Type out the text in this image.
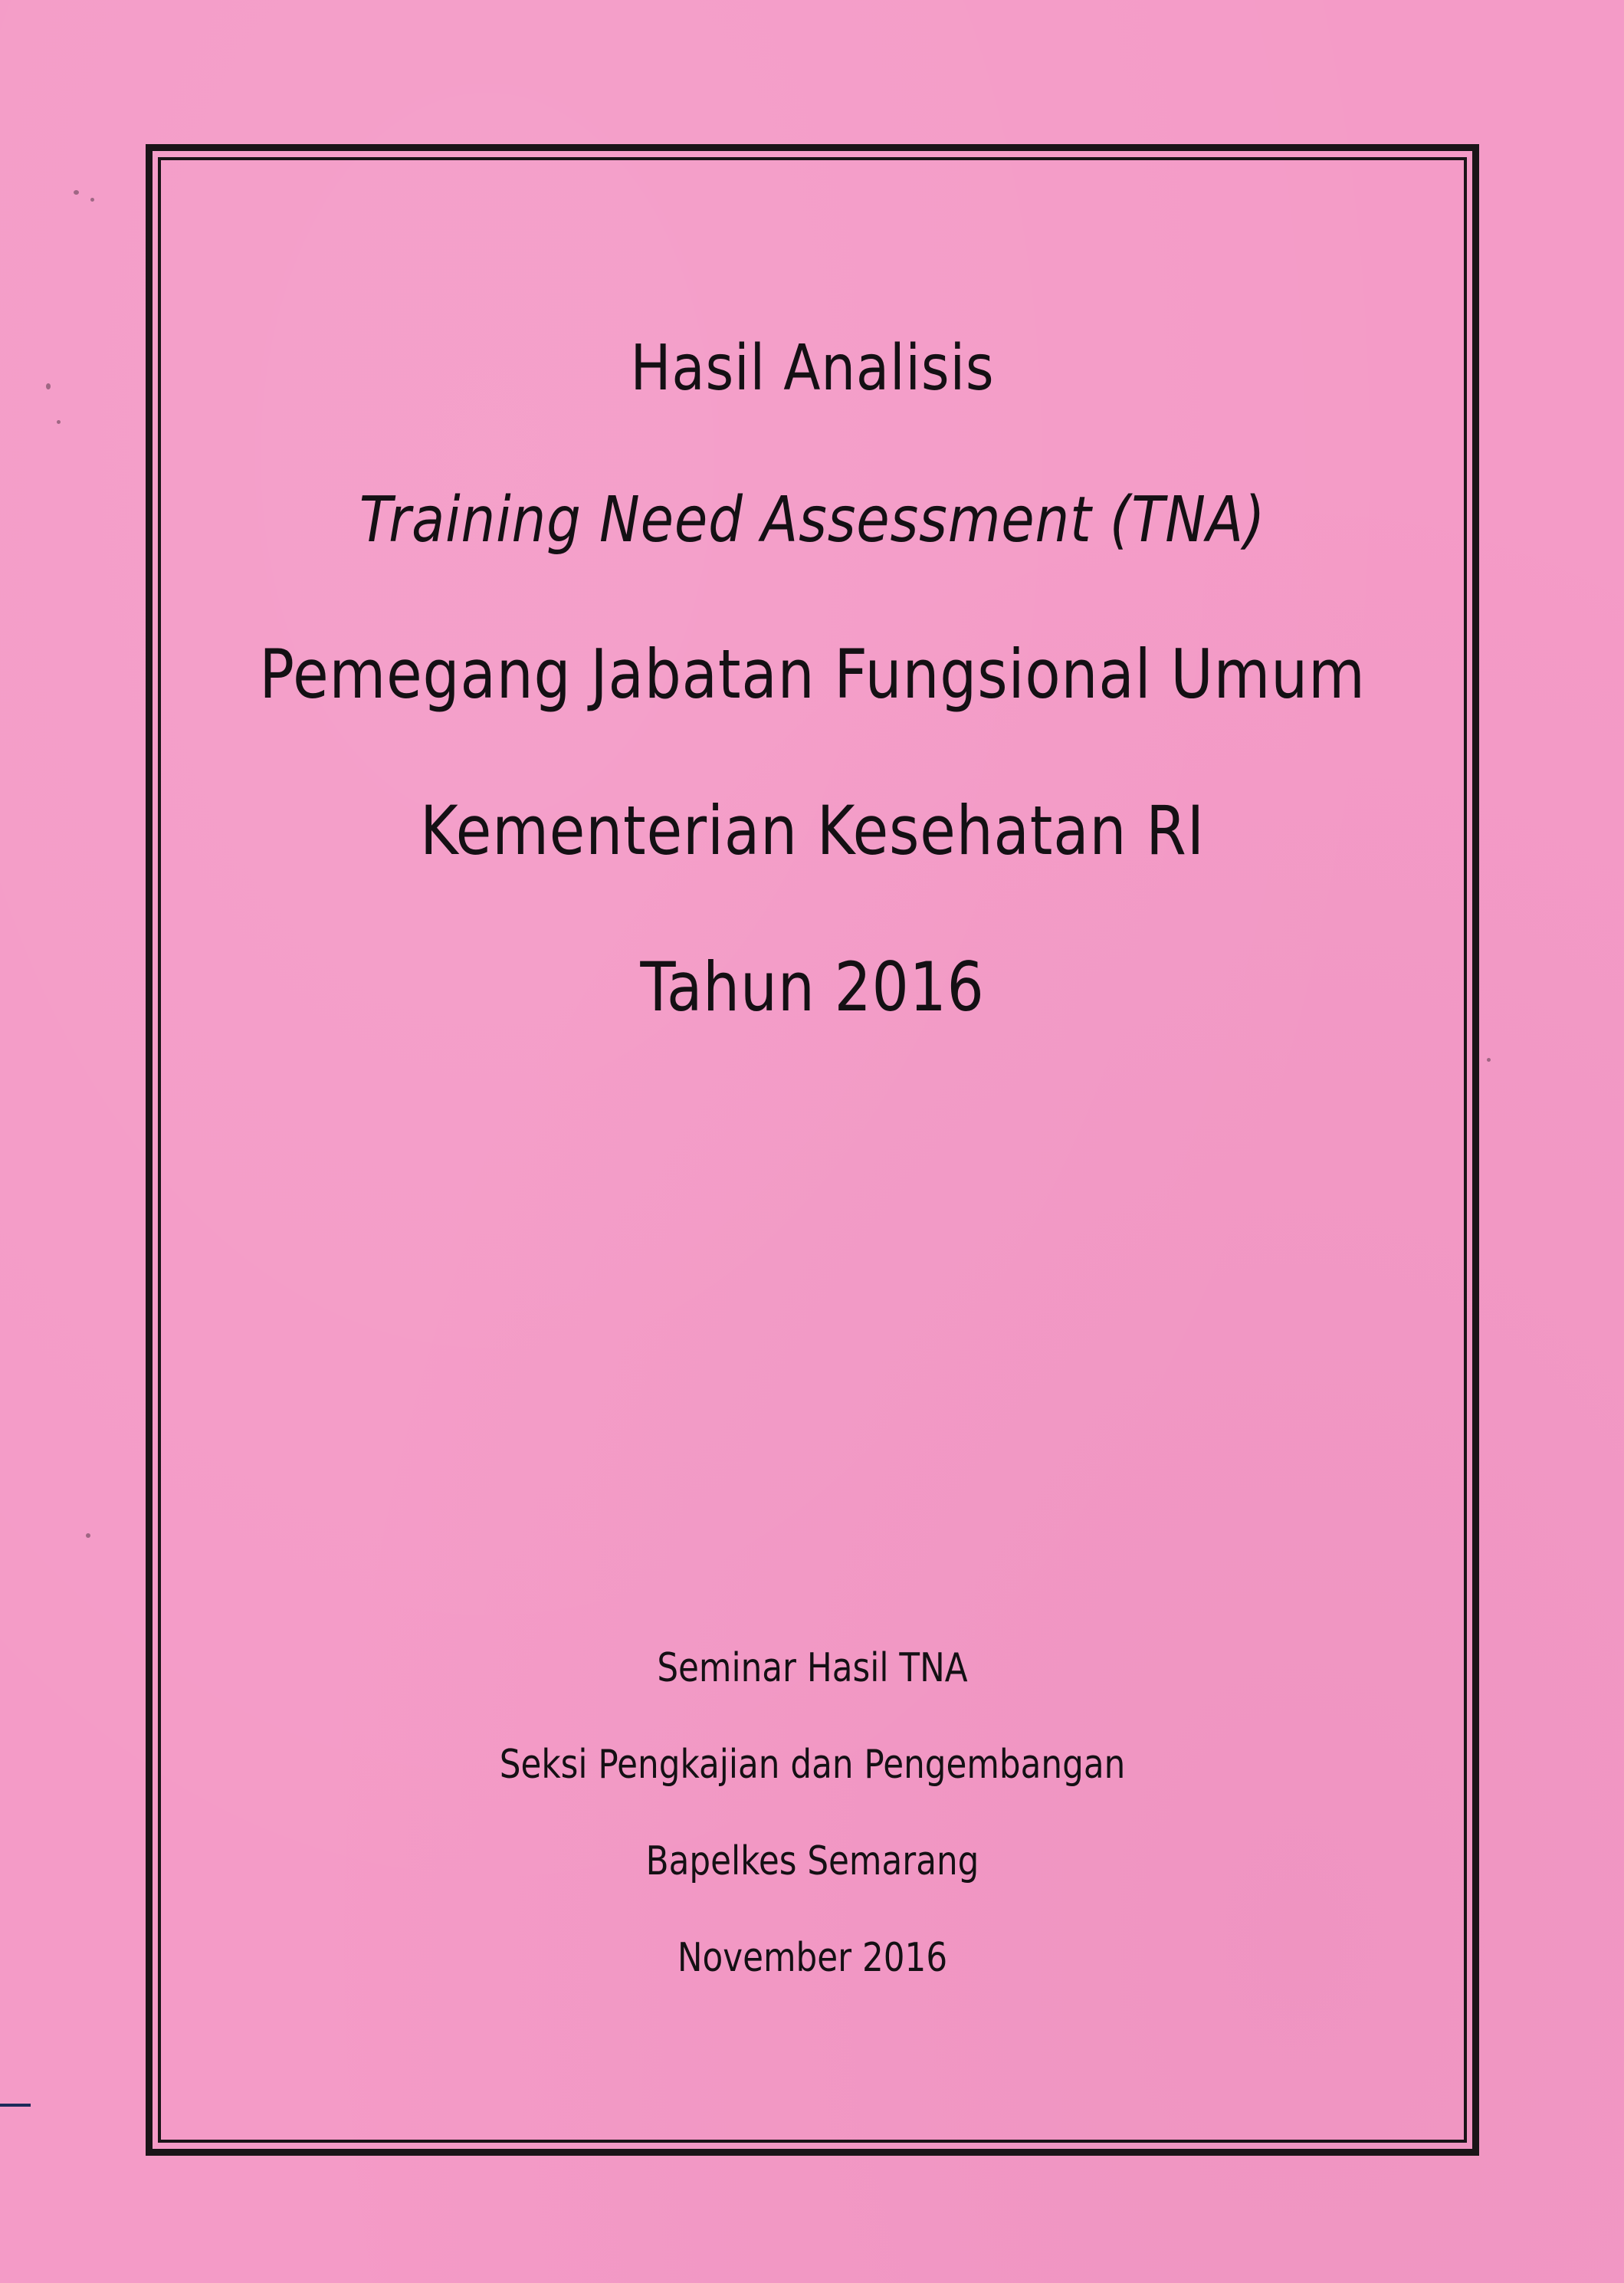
Hasil Analisis
Training Need Assessment (TNA)
Pemegang Jabatan Fungsional Umum
Kementerian Kesehatan RI
Tahun 2016
Seminar Hasil TNA
Seksi Pengkajian dan Pengembangan
Bapelkes Semarang
November 2016
